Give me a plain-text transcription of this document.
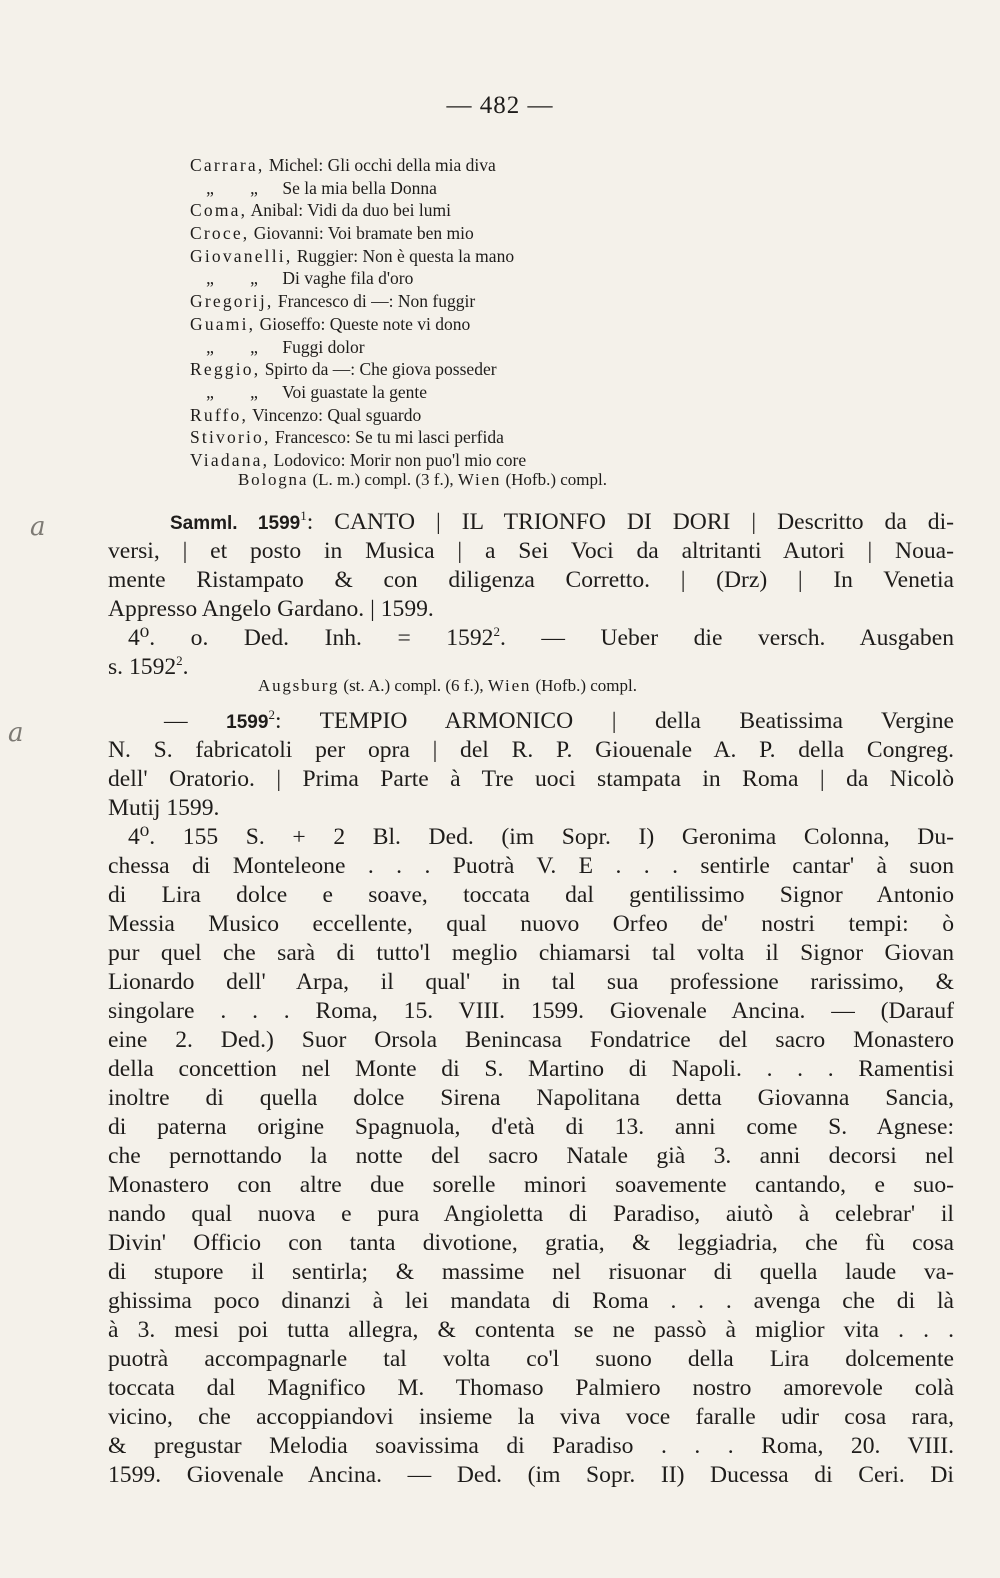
— 482 —
Carrara, Michel: Gli occhi della mia diva
„ „ Se la mia bella Donna
Coma, Anibal: Vidi da duo bei lumi
Croce, Giovanni: Voi bramate ben mio
Giovanelli, Ruggier: Non è questa la mano
„ „ Di vaghe fila d'oro
Gregorij, Francesco di —: Non fuggir
Guami, Gioseffo: Queste note vi dono
„ „ Fuggi dolor
Reggio, Spirto da —: Che giova posseder
„ „ Voi guastate la gente
Ruffo, Vincenzo: Qual sguardo
Stivorio, Francesco: Se tu mi lasci perfida
Viadana, Lodovico: Morir non puo'l mio core
Bologna (L. m.) compl. (3 f.), Wien (Hofb.) compl.
a	Samml. 1599$^1$: CANTO | IL TRIONFO DI DORI | Descritto da di-
versi, | et posto in Musica | a Sei Voci da altritanti Autori | Noua-
mente Ristampato & con diligenza Corretto. | (Drz) | In Venetia
Appresso Angelo Gardano. | 1599.
4⁰. o. Ded. Inh. = $1592^2$. — Ueber die versch. Ausgaben
s. 1592$^2$.
Augsburg (st. A.) compl. (6 f.), Wien (Hofb.) compl.
a	— 1599$^2$: TEMPIO ARMONICO | della Beatissima Vergine
N. S. fabricatoli per opra | del R. P. Giouenale A. P. della Congreg.
dell' Oratorio. | Prima Parte à Tre uoci stampata in Roma | da Nicolò
Mutij 1599.
4⁰. 155 S. + 2 Bl. Ded. (im Sopr. I) Geronima Colonna, Du-
chessa di Monteleone . . . Puotrà V. E . . . sentirle cantar' à suon
di Lira dolce e soave, toccata dal gentilissimo Signor Antonio
Messia Musico eccellente, qual nuovo Orfeo de' nostri tempi: ò
pur quel che sarà di tutto'l meglio chiamarsi tal volta il Signor Giovan
Lionardo dell' Arpa, il qual' in tal sua professione rarissimo, &
singolare . . . Roma, 15. VIII. 1599. Giovenale Ancina. — (Darauf
eine 2. Ded.) Suor Orsola Benincasa Fondatrice del sacro Monastero
della concettion nel Monte di S. Martino di Napoli. . . . Ramentisi
inoltre di quella dolce Sirena Napolitana detta Giovanna Sancia,
di paterna origine Spagnuola, d'età di 13. anni come S. Agnese:
che pernottando la notte del sacro Natale già 3. anni decorsi nel
Monastero con altre due sorelle minori soavemente cantando, e suo-
nando qual nuova e pura Angioletta di Paradiso, aiutò à celebrar' il
Divin' Officio con tanta divotione, gratia, & leggiadria, che fù cosa
di stupore il sentirla; & massime nel risuonar di quella laude va-
ghissima poco dinanzi à lei mandata di Roma . . . avenga che di là
à 3. mesi poi tutta allegra, & contenta se ne passò à miglior vita . . .
puotrà accompagnarle tal volta co'l suono della Lira dolcemente
toccata dal Magnifico M. Thomaso Palmiero nostro amorevole colà
vicino, che accoppiandovi insieme la viva voce faralle udir cosa rara,
& pregustar Melodia soavissima di Paradiso . . . Roma, 20. VIII.
1599. Giovenale Ancina. — Ded. (im Sopr. II) Ducessa di Ceri. Di
